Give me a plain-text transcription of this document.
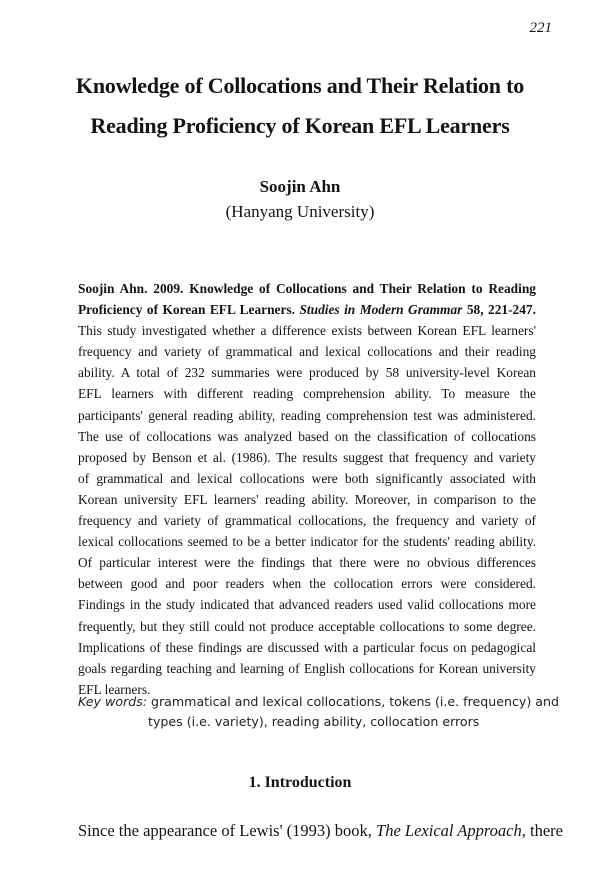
221
Knowledge of Collocations and Their Relation to
Reading Proficiency of Korean EFL Learners
Soojin Ahn
(Hanyang University)
Soojin Ahn. 2009. Knowledge of Collocations and Their Relation to Reading
Proficiency of Korean EFL Learners. Studies in Modern Grammar 58, 221-247.
This study investigated whether a difference exists between Korean EFL learners'
frequency and variety of grammatical and lexical collocations and their reading
ability. A total of 232 summaries were produced by 58 university-level Korean
EFL learners with different reading comprehension ability. To measure the
participants' general reading ability, reading comprehension test was administered.
The use of collocations was analyzed based on the classification of collocations
proposed by Benson et al. (1986). The results suggest that frequency and variety
of grammatical and lexical collocations were both significantly associated with
Korean university EFL learners' reading ability. Moreover, in comparison to the
frequency and variety of grammatical collocations, the frequency and variety of
lexical collocations seemed to be a better indicator for the students' reading ability.
Of particular interest were the findings that there were no obvious differences
between good and poor readers when the collocation errors were considered.
Findings in the study indicated that advanced readers used valid collocations more
frequently, but they still could not produce acceptable collocations to some degree.
Implications of these findings are discussed with a particular focus on pedagogical
goals regarding teaching and learning of English collocations for Korean university
EFL learners.
Key words: grammatical and lexical collocations, tokens (i.e. frequency) and
types (i.e. variety), reading ability, collocation errors
1. Introduction
Since the appearance of Lewis' (1993) book, The Lexical Approach, there
